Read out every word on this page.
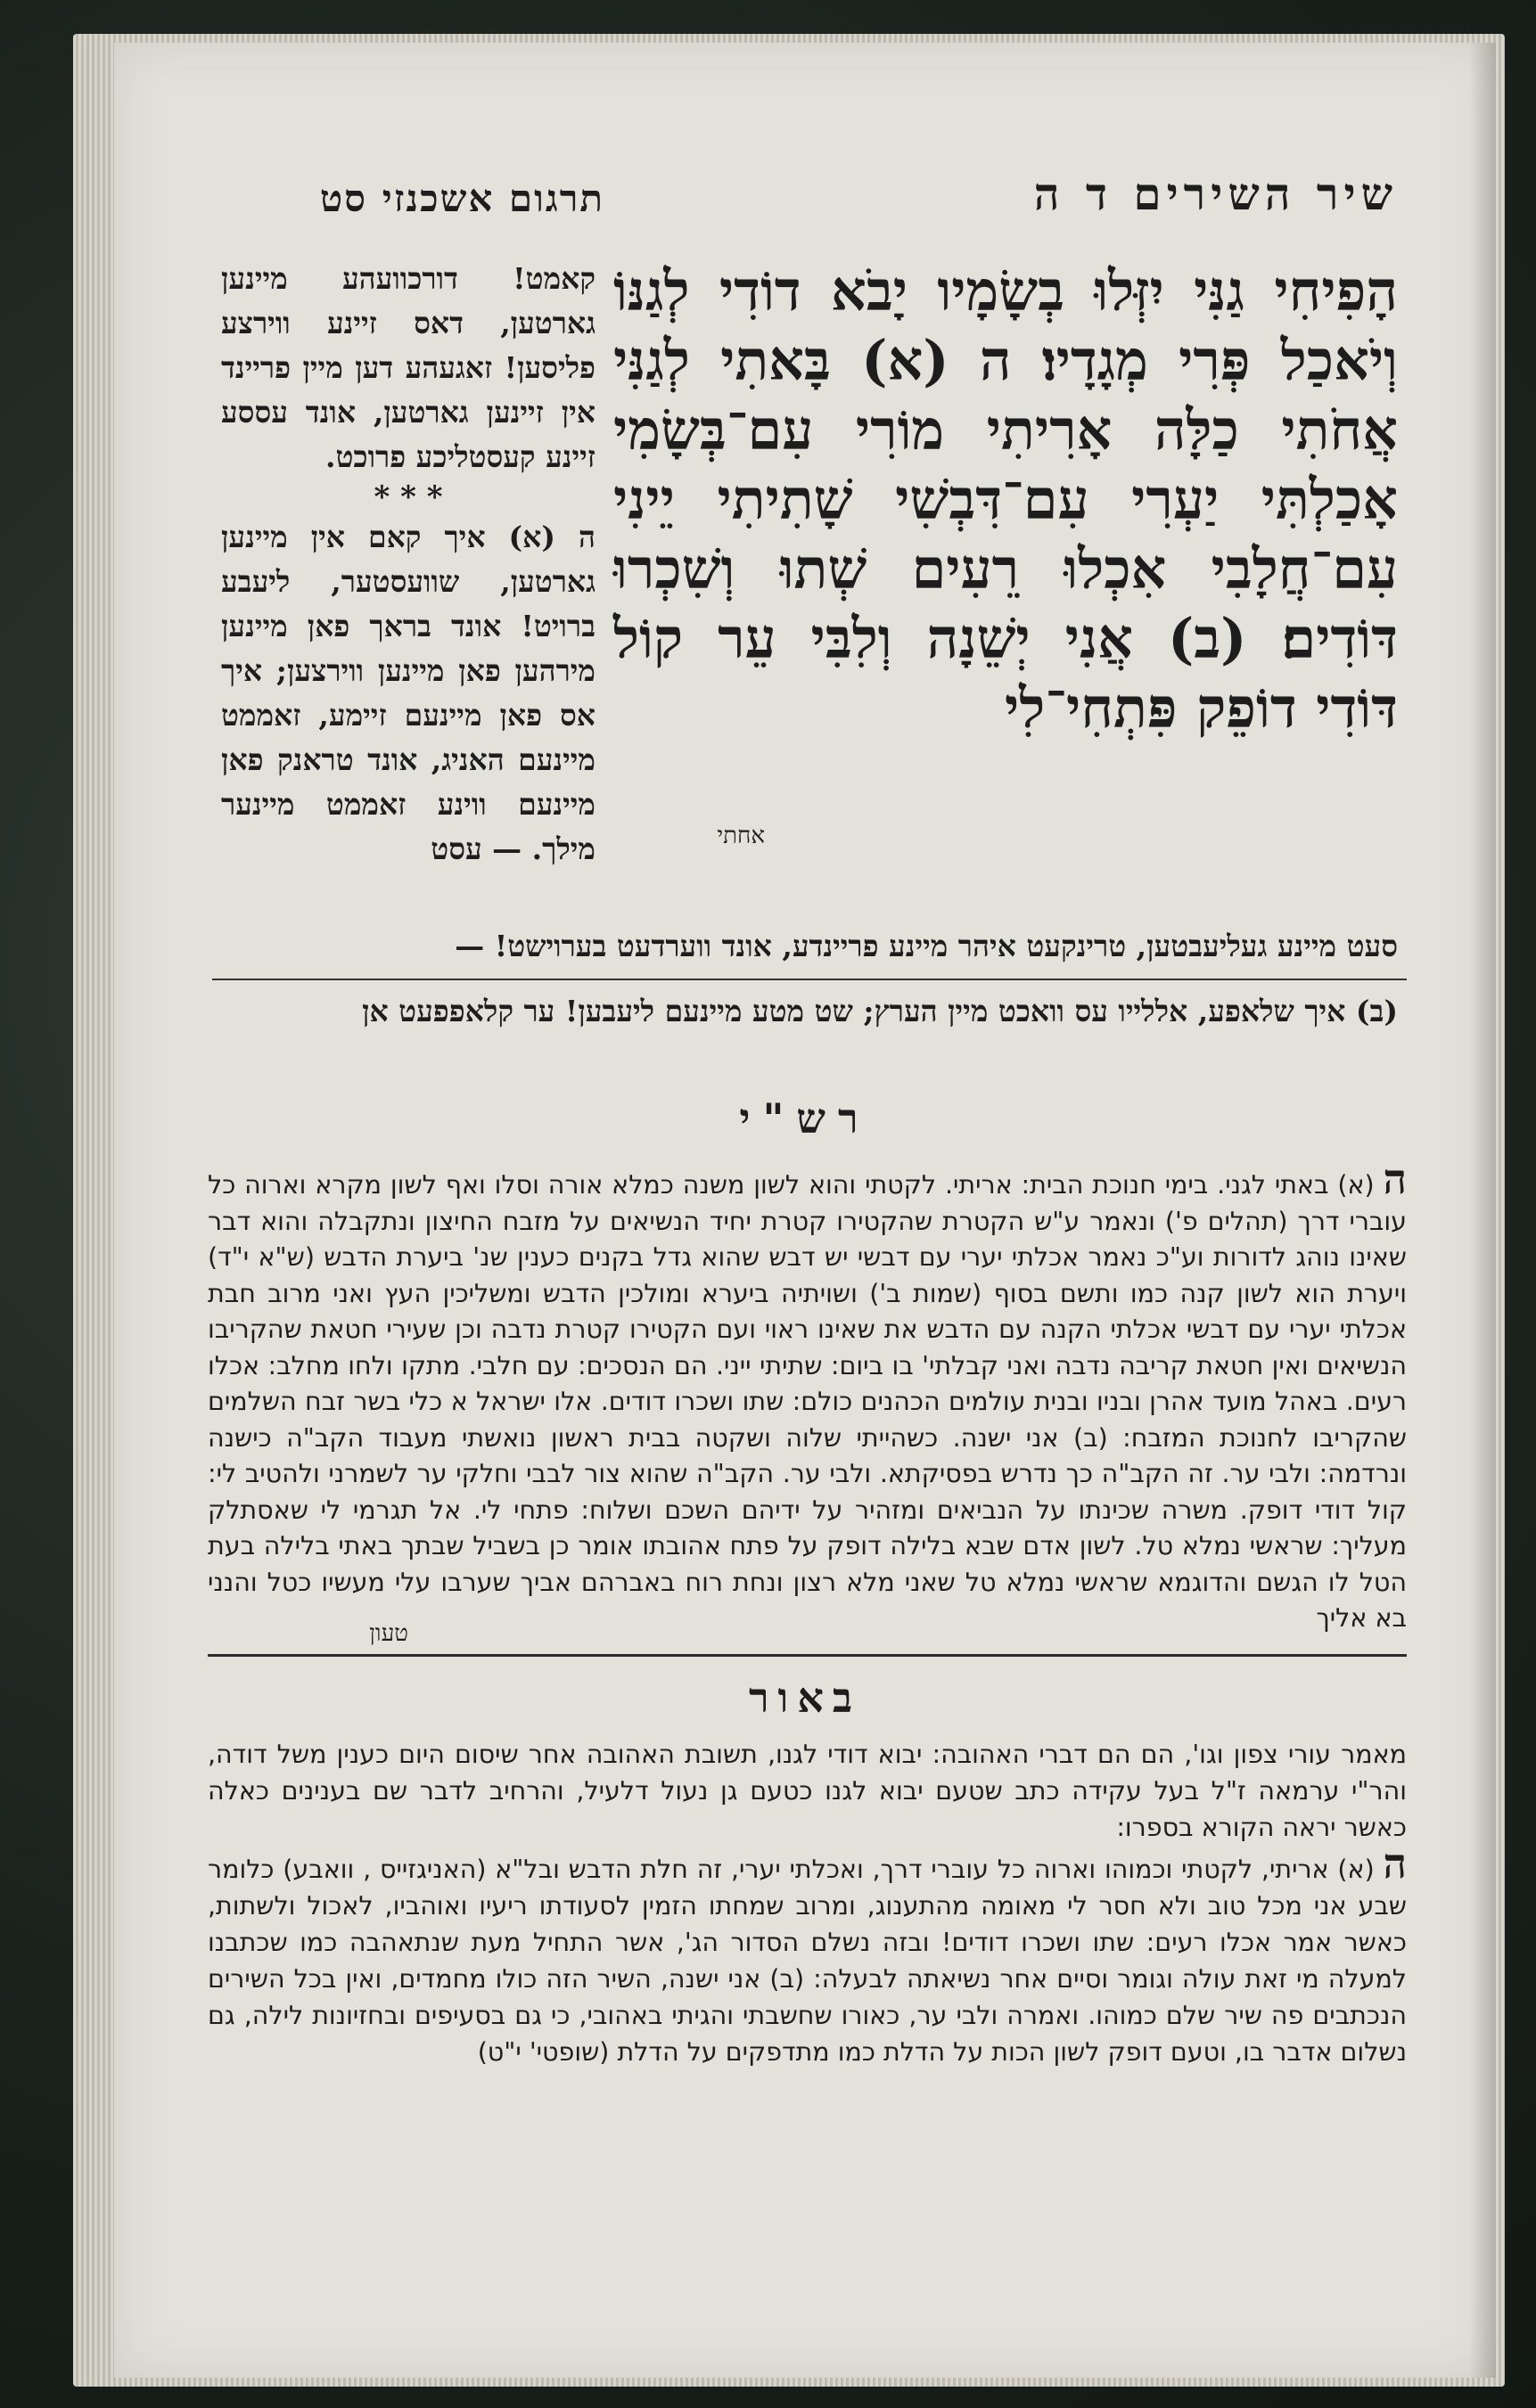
שיר השירים ד ה
תרגום אשכנזי סט
הָפִיחִי גַנִּי יִזְּלוּ בְשָׂמָיו יָבֹא דוֹדִי לְגַנּוֹ וְיֹאכַל פְּרִי מְגָדָיו׃ ה (א) בָּאתִי לְגַנִּי אֲחֹתִי כַלָּה אָרִיתִי מוֹרִי עִם־בְּשָׂמִי אָכַלְתִּי יַעְרִי עִם־דִּבְשִׁי שָׁתִיתִי יֵינִי עִם־חֲלָבִי אִכְלוּ רֵעִים שְׁתוּ וְשִׁכְרוּ דּוֹדִים׃ (ב) אֲנִי יְשֵׁנָה וְלִבִּי עֵר קוֹל דּוֹדִי דוֹפֵק פִּתְחִי־לִי
אחתי
קאמט! דורכוועהע מיינען גארטען, דאס זיינע ווירצע פליסען! זאגעהע דען מיין פריינד אין זיינען גארטען, אונד עססע זיינע קעסטליכע פרוכט.
* * *
ה (א) איך קאם אין מיינען גארטען, שוועסטער, ליעבע ברויט! אונד בראך פאן מיינען מירהען פאן מיינען ווירצען; איך אס פאן מיינעם זיימע, זאממט מיינעם האניג, אונד טראנק פאן מיינעם ווינע זאממט מיינער מילך. — עסט
סעט מיינע געליעבטען, טרינקעט איהר מיינע פריינדע, אונד ווערדעט בערוישט! —
(ב) איך שלאפע, אללייו עס וואכט מיין הערץ; שט מטע מיינעם ליעבען! ער קלאפפעט אן
רש"י
ה (א) באתי לגני. בימי חנוכת הבית: אריתי. לקטתי והוא לשון משנה כמלא אורה וסלו ואף לשון מקרא וארוה כל עוברי דרך (תהלים פ') ונאמר ע"ש הקטרת שהקטירו קטרת יחיד הנשיאים על מזבח החיצון ונתקבלה והוא דבר שאינו נוהג לדורות וע"כ נאמר אכלתי יערי עם דבשי יש דבש שהוא גדל בקנים כענין שנ' ביערת הדבש (ש"א י"ד) ויערת הוא לשון קנה כמו ותשם בסוף (שמות ב') ושויתיה ביערא ומולכין הדבש ומשליכין העץ ואני מרוב חבת אכלתי יערי עם דבשי אכלתי הקנה עם הדבש את שאינו ראוי ועם הקטירו קטרת נדבה וכן שעירי חטאת שהקריבו הנשיאים ואין חטאת קריבה נדבה ואני קבלתי' בו ביום: שתיתי ייני. הם הנסכים: עם חלבי. מתקו ולחו מחלב: אכלו רעים. באהל מועד אהרן ובניו ובנית עולמים הכהנים כולם: שתו ושכרו דודים. אלו ישראל א כלי בשר זבח השלמים שהקריבו לחנוכת המזבח: (ב) אני ישנה. כשהייתי שלוה ושקטה בבית ראשון נואשתי מעבוד הקב"ה כישנה ונרדמה: ולבי ער. זה הקב"ה כך נדרש בפסיקתא. ולבי ער. הקב"ה שהוא צור לבבי וחלקי ער לשמרני ולהטיב לי: קול דודי דופק. משרה שכינתו על הנביאים ומזהיר על ידיהם השכם ושלוח: פתחי לי. אל תגרמי לי שאסתלק מעליך: שראשי נמלא טל. לשון אדם שבא בלילה דופק על פתח אהובתו אומר כן בשביל שבתך באתי בלילה בעת הטל לו הגשם והדוגמא שראשי נמלא טל שאני מלא רצון ונחת רוח באברהם אביך שערבו עלי מעשיו כטל והנני בא אליך
טעון
באור

מאמר עורי צפון וגו', הם הם דברי האהובה: יבוא דודי לגנו, תשובת האהובה אחר שיסום היום כענין משל דודה, והר"י ערמאה ז"ל בעל עקידה כתב שטעם יבוא לגנו כטעם גן נעול דלעיל, והרחיב לדבר שם בענינים כאלה כאשר יראה הקורא בספרו:

ה (א) אריתי, לקטתי וכמוהו וארוה כל עוברי דרך, ואכלתי יערי, זה חלת הדבש ובל"א (האניגזייס , וואבע) כלומר שבע אני מכל טוב ולא חסר לי מאומה מהתענוג, ומרוב שמחתו הזמין לסעודתו ריעיו ואוהביו, לאכול ולשתות, כאשר אמר אכלו רעים: שתו ושכרו דודים! ובזה נשלם הסדור הג', אשר התחיל מעת שנתאהבה כמו שכתבנו למעלה מי זאת עולה וגומר וסיים אחר נשיאתה לבעלה: (ב) אני ישנה, השיר הזה כולו מחמדים, ואין בכל השירים הנכתבים פה שיר שלם כמוהו. ואמרה ולבי ער, כאורו שחשבתי והגיתי באהובי, כי גם בסעיפים ובחזיונות לילה, גם נשלום אדבר בו, וטעם דופק לשון הכות על הדלת כמו מתדפקים על הדלת (שופטי' י"ט)
